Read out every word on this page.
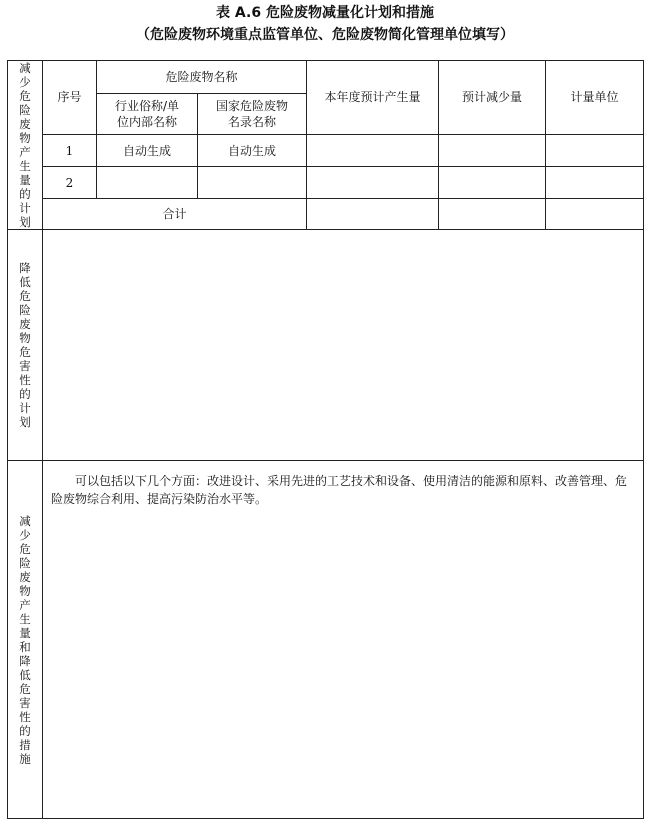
表 A.6 危险废物减量化计划和措施
（危险废物环境重点监管单位、危险废物简化管理单位填写）
减少危险废物产生量的计划	序号	危险废物名称		本年度预计产生量	预计减少量	计量单位
		行业俗称/单位内部名称	国家危险废物名录名称			
	1	自动生成	自动生成			
	2					
	合计					

降低危险废物危害性的计划						

减少危险废物产生量和降低危害性的措施	可以包括以下几个方面：改进设计、采用先进的工艺技术和设备、使用清洁的能源和原料、改善管理、危险废物综合利用、提高污染防治水平等。					
